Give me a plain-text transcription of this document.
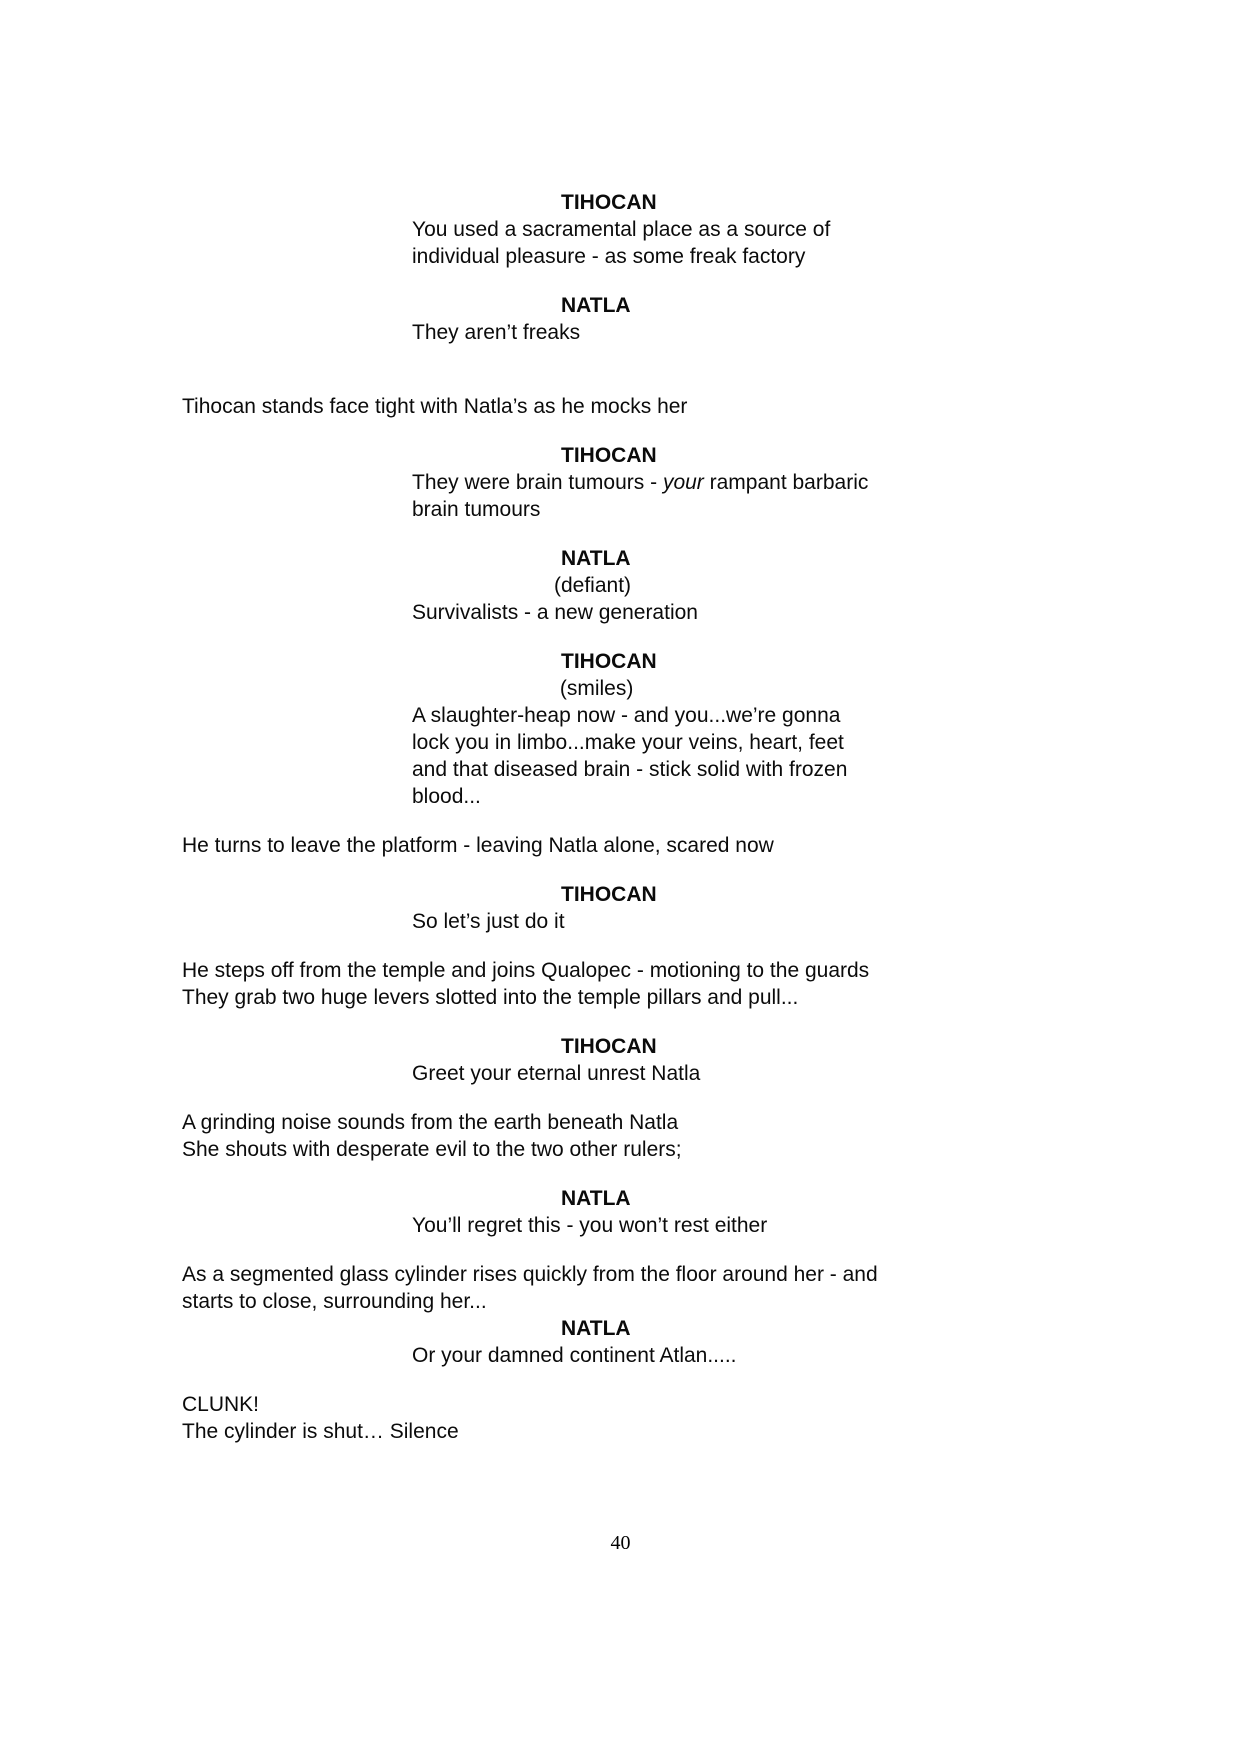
TIHOCAN
You used a sacramental place as a source of
individual pleasure - as some freak factory
NATLA
They aren’t freaks
Tihocan stands face tight with Natla’s as he mocks her
TIHOCAN
They were brain tumours - your rampant barbaric
brain tumours
NATLA
(defiant)
Survivalists - a new generation
TIHOCAN
(smiles)
A slaughter-heap now - and you...we’re gonna
lock you in limbo...make your veins, heart, feet
and that diseased brain - stick solid with frozen
blood...
He turns to leave the platform - leaving Natla alone, scared now
TIHOCAN
So let’s just do it
He steps off from the temple and joins Qualopec - motioning to the guards
They grab two huge levers slotted into the temple pillars and pull...
TIHOCAN
Greet your eternal unrest Natla
A grinding noise sounds from the earth beneath Natla
She shouts with desperate evil to the two other rulers;
NATLA
You’ll regret this - you won’t rest either
As a segmented glass cylinder rises quickly from the floor around her - and
starts to close, surrounding her...
NATLA
Or your damned continent Atlan.....
CLUNK!
The cylinder is shut… Silence
40
